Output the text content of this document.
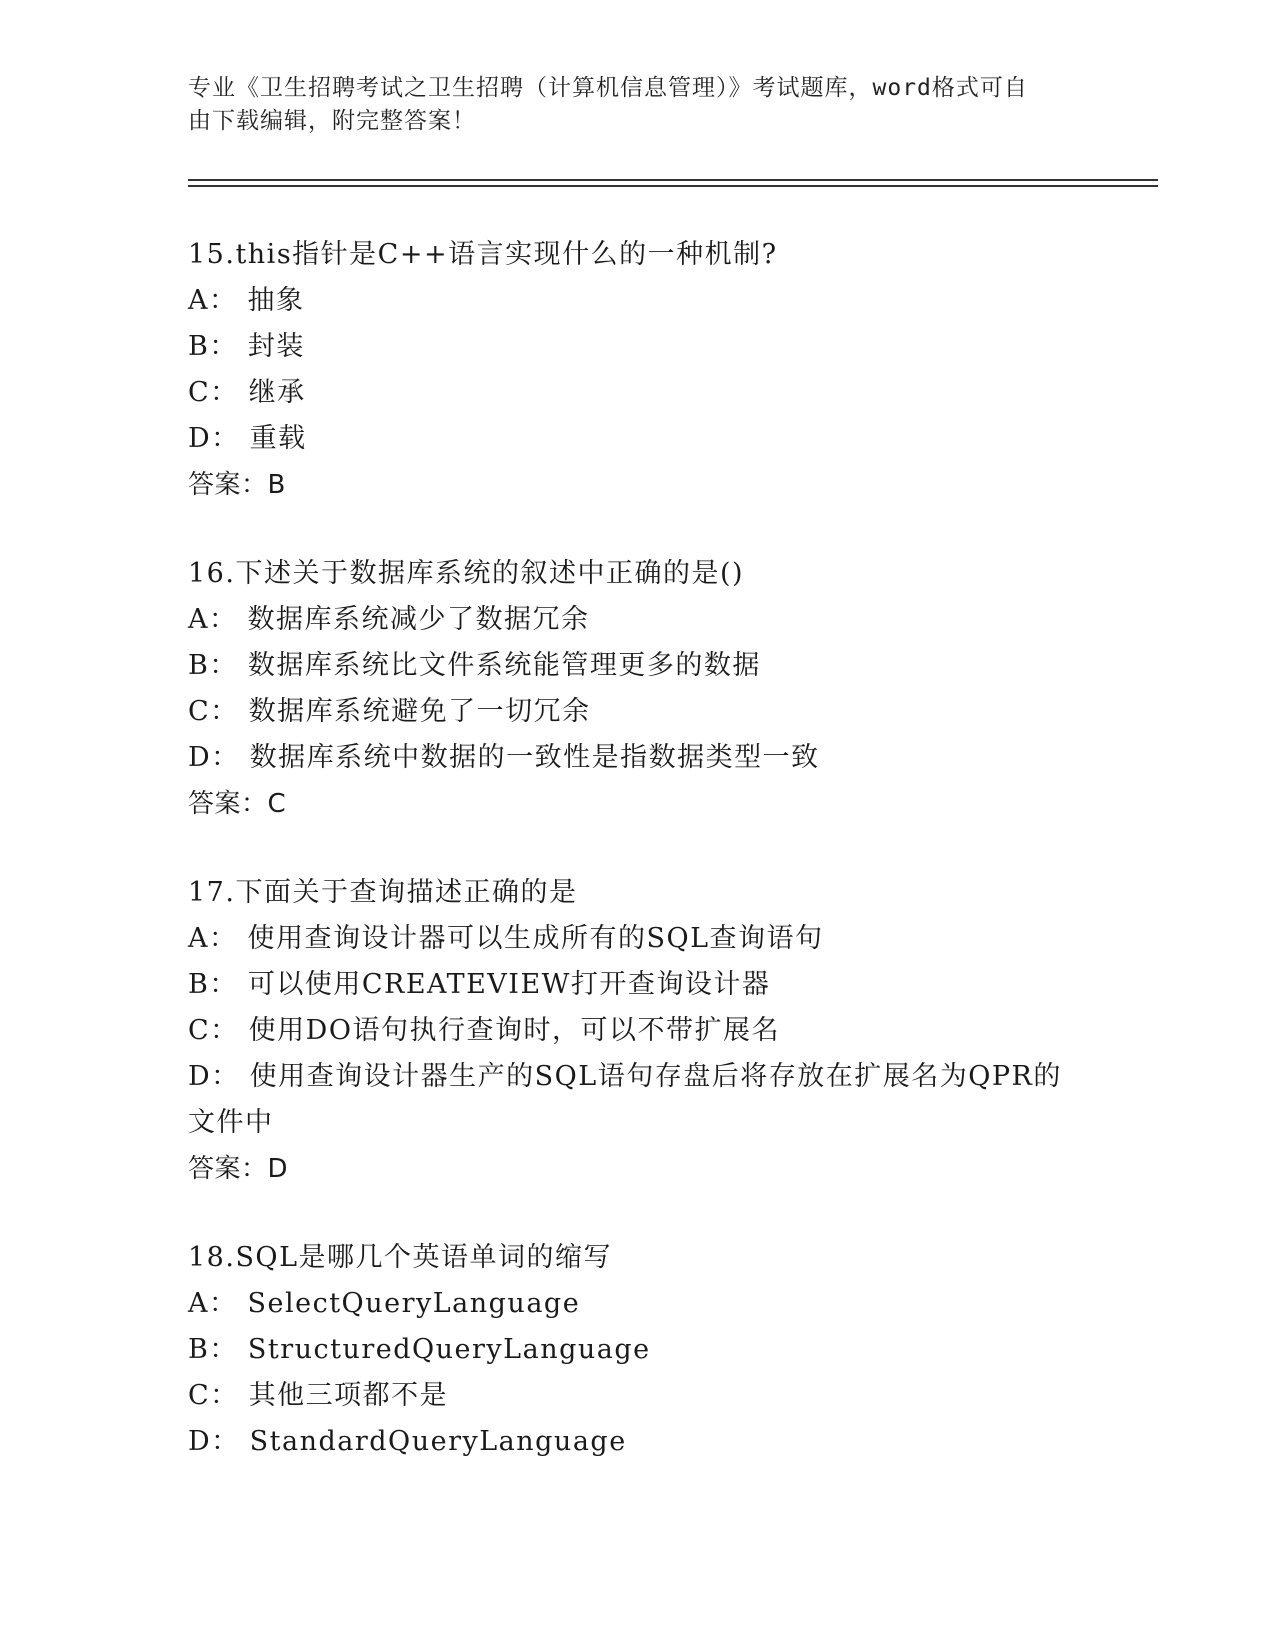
专业《卫生招聘考试之卫生招聘（计算机信息管理）》考试题库，word格式可自
由下载编辑，附完整答案！
15.this指针是C++语言实现什么的一种机制?
A： 抽象
B： 封装
C： 继承
D： 重载
答案：B
16.下述关于数据库系统的叙述中正确的是()
A： 数据库系统减少了数据冗余
B： 数据库系统比文件系统能管理更多的数据
C： 数据库系统避免了一切冗余
D： 数据库系统中数据的一致性是指数据类型一致
答案：C
17.下面关于查询描述正确的是
A： 使用查询设计器可以生成所有的SQL查询语句
B： 可以使用CREATEVIEW打开查询设计器
C： 使用DO语句执行查询时，可以不带扩展名
D： 使用查询设计器生产的SQL语句存盘后将存放在扩展名为QPR的文件中
答案：D
18.SQL是哪几个英语单词的缩写
A： SelectQueryLanguage
B： StructuredQueryLanguage
C： 其他三项都不是
D： StandardQueryLanguage
